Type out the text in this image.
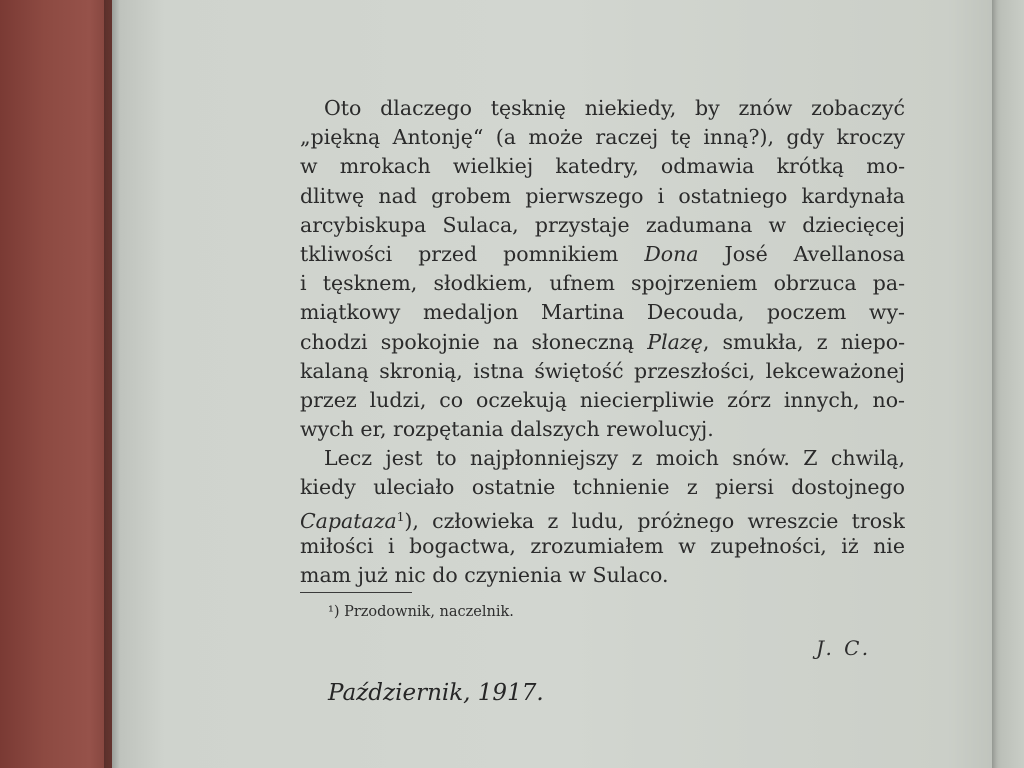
Oto dlaczego tęsknię niekiedy, by znów zobaczyć
„piękną Antonję“ (a może raczej tę inną?), gdy kroczy
w mrokach wielkiej katedry, odmawia krótką mo-
dlitwę nad grobem pierwszego i ostatniego kardynała
arcybiskupa Sulaca, przystaje zadumana w dziecięcej
tkliwości przed pomnikiem Dona José Avellanosa
i tęsknem, słodkiem, ufnem spojrzeniem obrzuca pa-
miątkowy medaljon Martina Decouda, poczem wy-
chodzi spokojnie na słoneczną Plazę, smukła, z niepo-
kalaną skronią, istna świętość przeszłości, lekceważonej
przez ludzi, co oczekują niecierpliwie zórz innych, no-
wych er, rozpętania dalszych rewolucyj.
Lecz jest to najpłonniejszy z moich snów. Z chwilą,
kiedy uleciało ostatnie tchnienie z piersi dostojnego
Capataza$^1$), człowieka z ludu, próżnego wreszcie trosk
miłości i bogactwa, zrozumiałem w zupełności, iż nie
mam już nic do czynienia w Sulaco.
¹) Przodownik, naczelnik.
J. C.
Październik, 1917.
